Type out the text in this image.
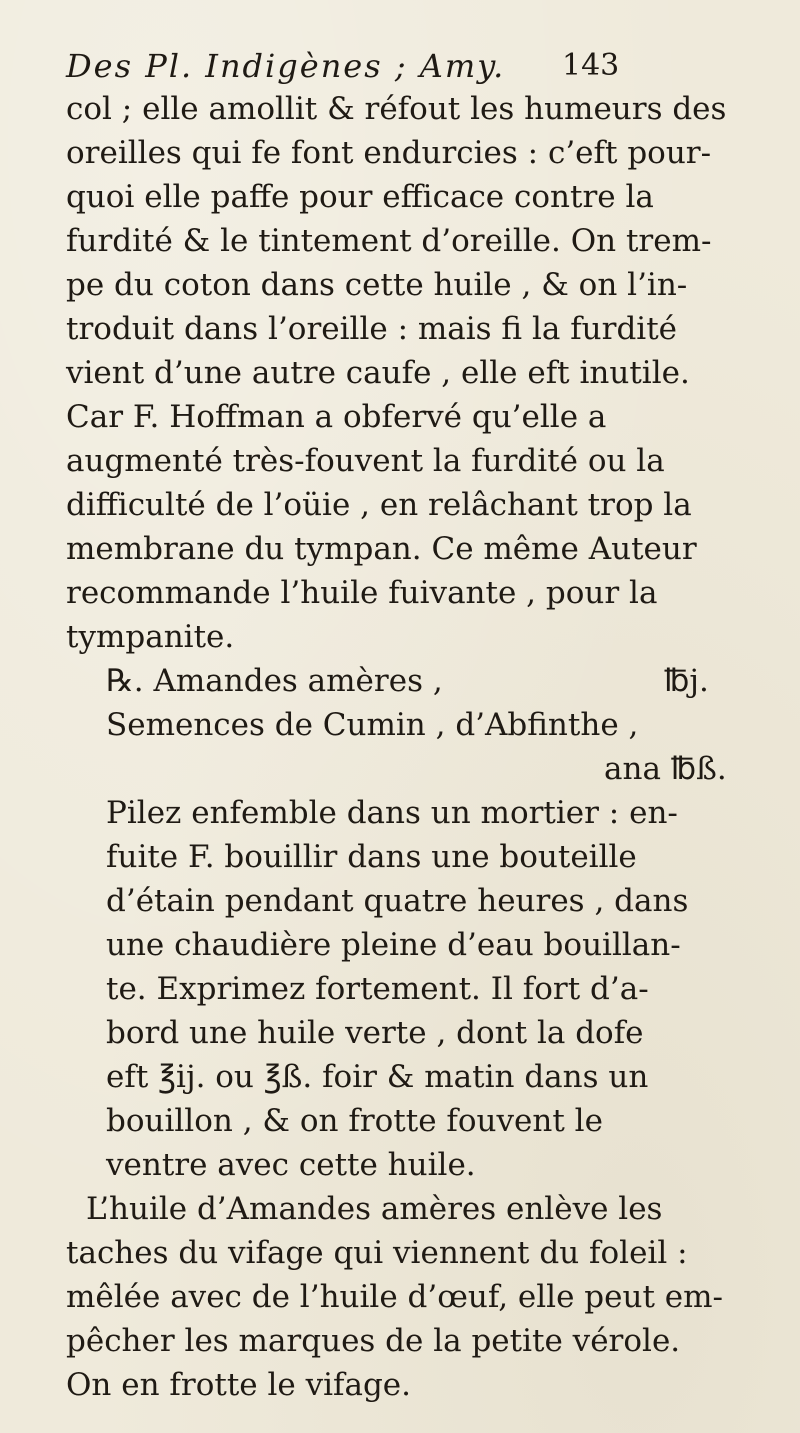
Des Pl. Indigènes ; Amy.	143
col ; elle amollit & réfout les humeurs des
oreilles qui fe font endurcies : c’eft pour-
quoi elle paffe pour efficace contre la
furdité & le tintement d’oreille. On trem-
pe du coton dans cette huile , & on l’in-
troduit dans l’oreille : mais fi la furdité
vient d’une autre caufe , elle eft inutile.
Car F. Hoffman a obfervé qu’elle a
augmenté très-fouvent la furdité ou la
difficulté de l’oüie , en relâchant trop la
membrane du tympan. Ce même Auteur
recommande l’huile fuivante , pour la
tympanite.
℞. Amandes amères ,	℔j.
Semences de Cumin , d’Abfinthe ,
ana ℔ß.
Pilez enfemble dans un mortier : en-
fuite F. bouillir dans une bouteille
d’étain pendant quatre heures , dans
une chaudière pleine d’eau bouillan-
te. Exprimez fortement. Il fort d’a-
bord une huile verte , dont la dofe
eft ℥ij. ou ℥ß. foir & matin dans un
bouillon , & on frotte fouvent le
ventre avec cette huile.
L’huile d’Amandes amères enlève les
taches du vifage qui viennent du foleil :
mêlée avec de l’huile d’œuf, elle peut em-
pêcher les marques de la petite vérole.
On en frotte le vifage.
